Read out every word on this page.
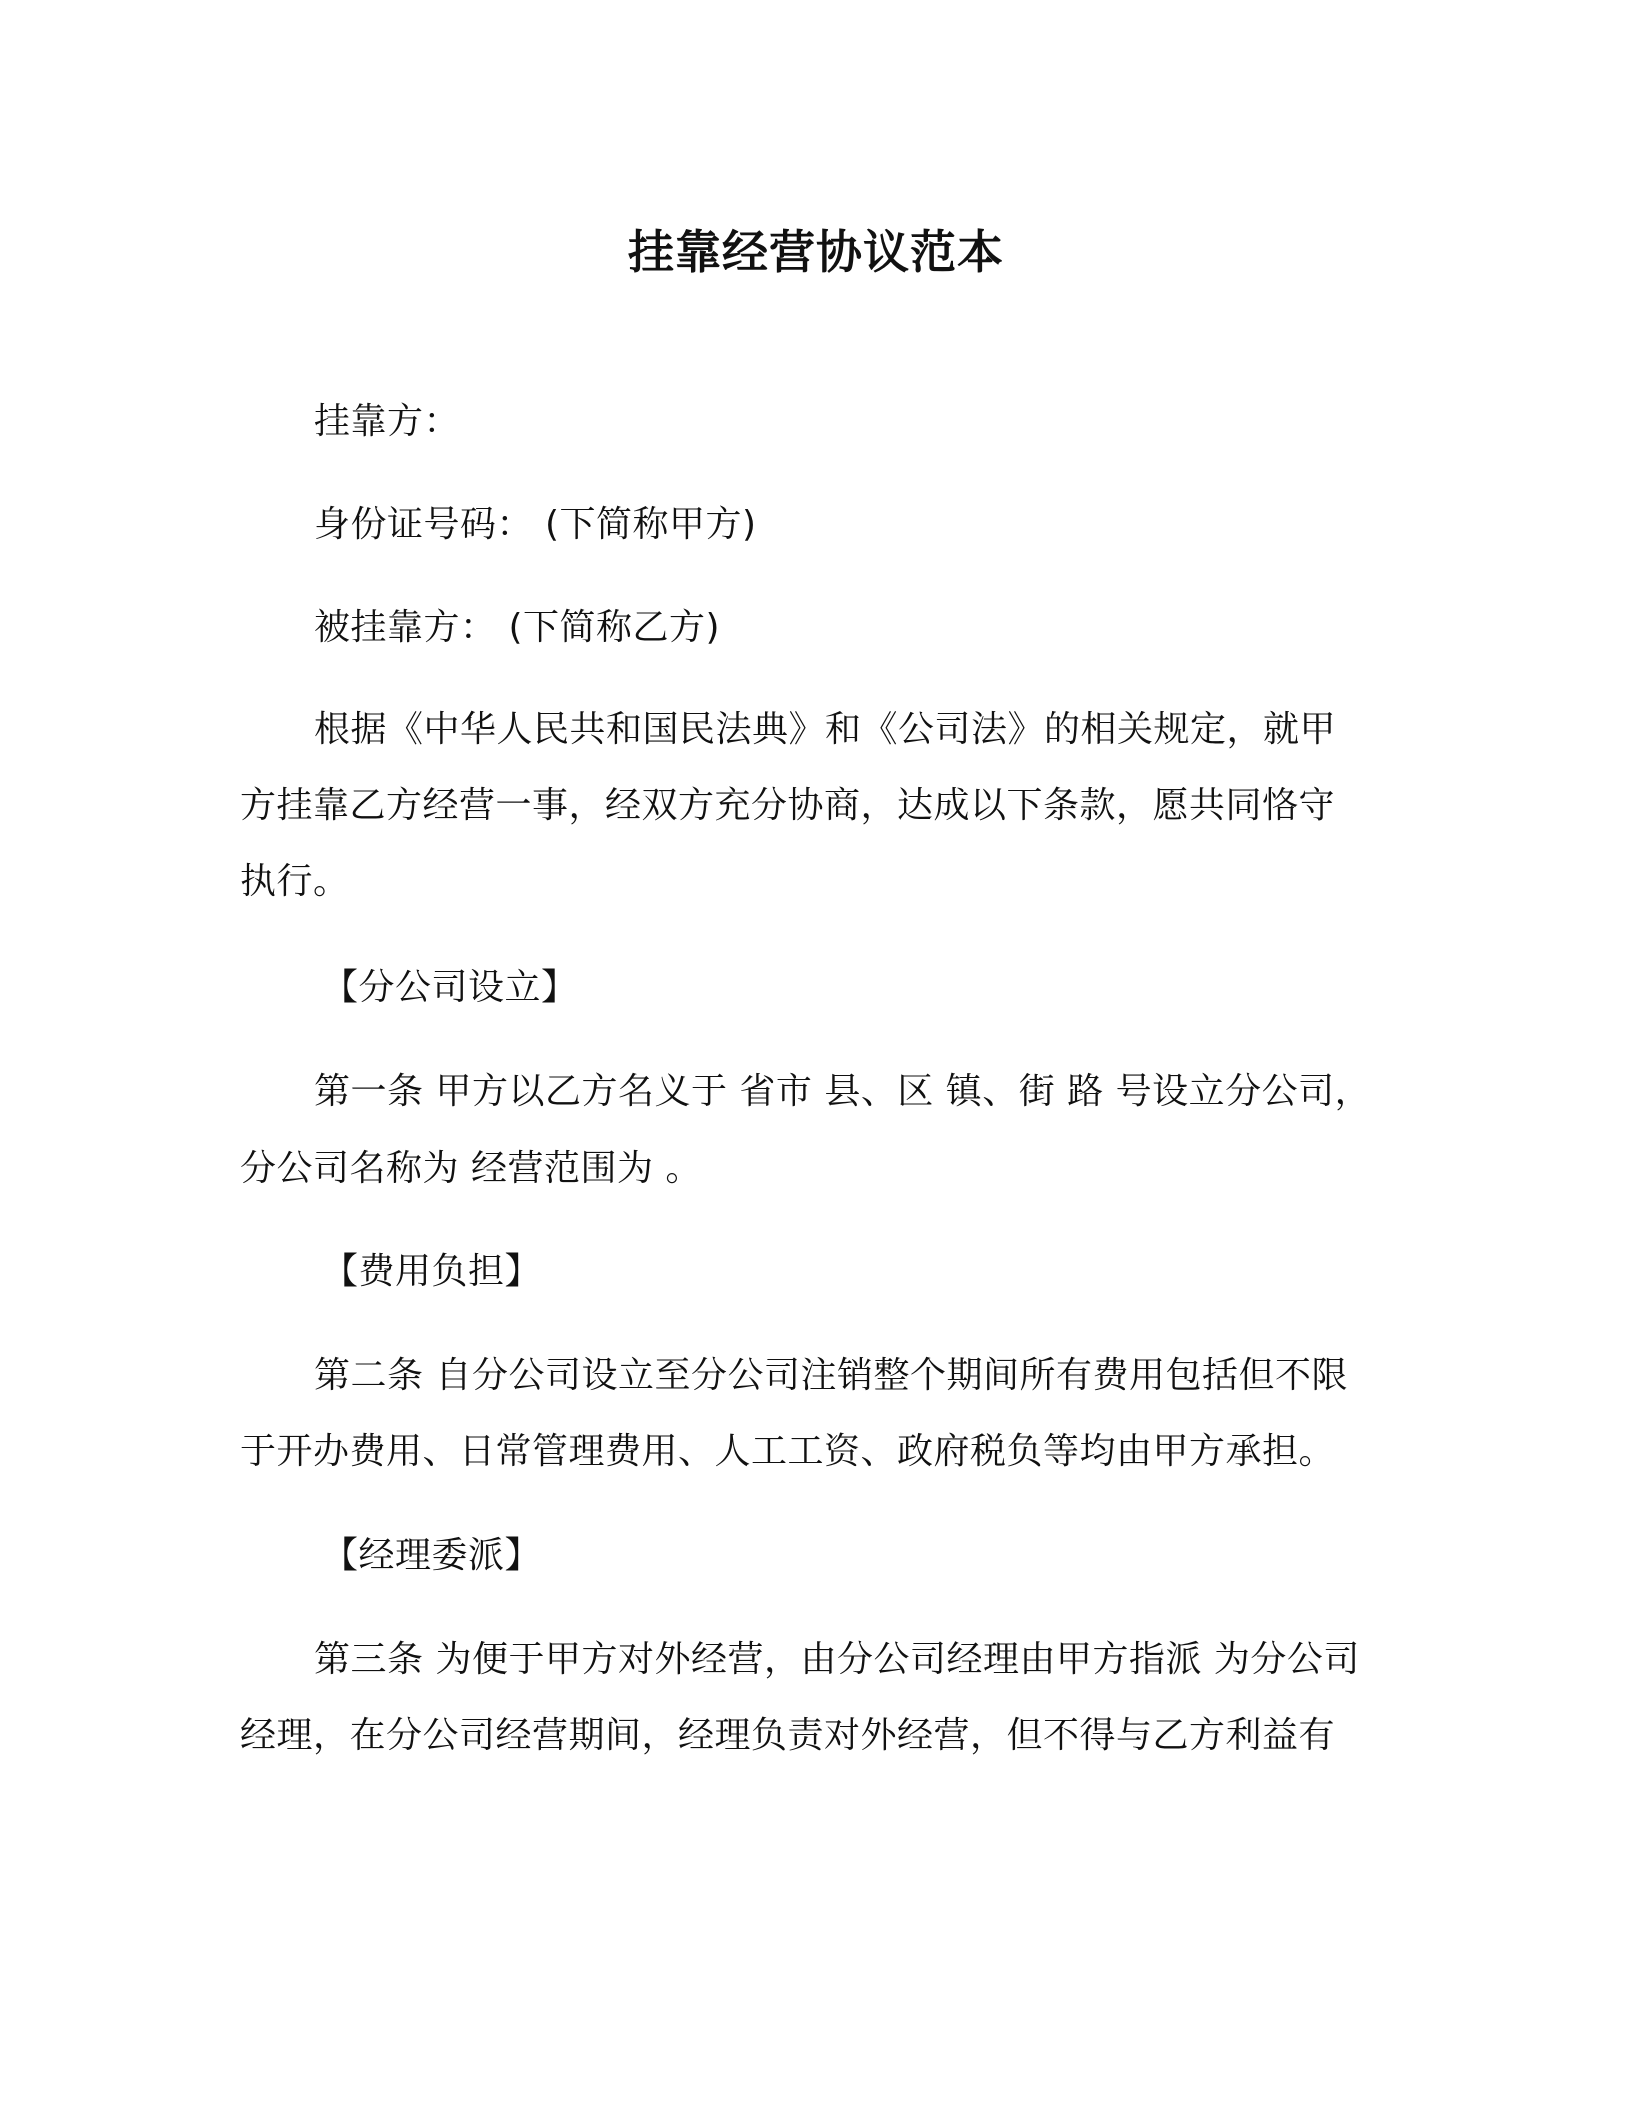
挂靠经营协议范本
挂靠方：
身份证号码： (下简称甲方)
被挂靠方： (下简称乙方)
根据《中华人民共和国民法典》和《公司法》的相关规定，就甲
方挂靠乙方经营一事，经双方充分协商，达成以下条款，愿共同恪守
执行。
【分公司设立】
第一条 甲方以乙方名义于 省市 县、区 镇、街 路 号设立分公司，
分公司名称为 经营范围为 。
【费用负担】
第二条 自分公司设立至分公司注销整个期间所有费用包括但不限
于开办费用、日常管理费用、人工工资、政府税负等均由甲方承担。
【经理委派】
第三条 为便于甲方对外经营，由分公司经理由甲方指派 为分公司
经理，在分公司经营期间，经理负责对外经营，但不得与乙方利益有
